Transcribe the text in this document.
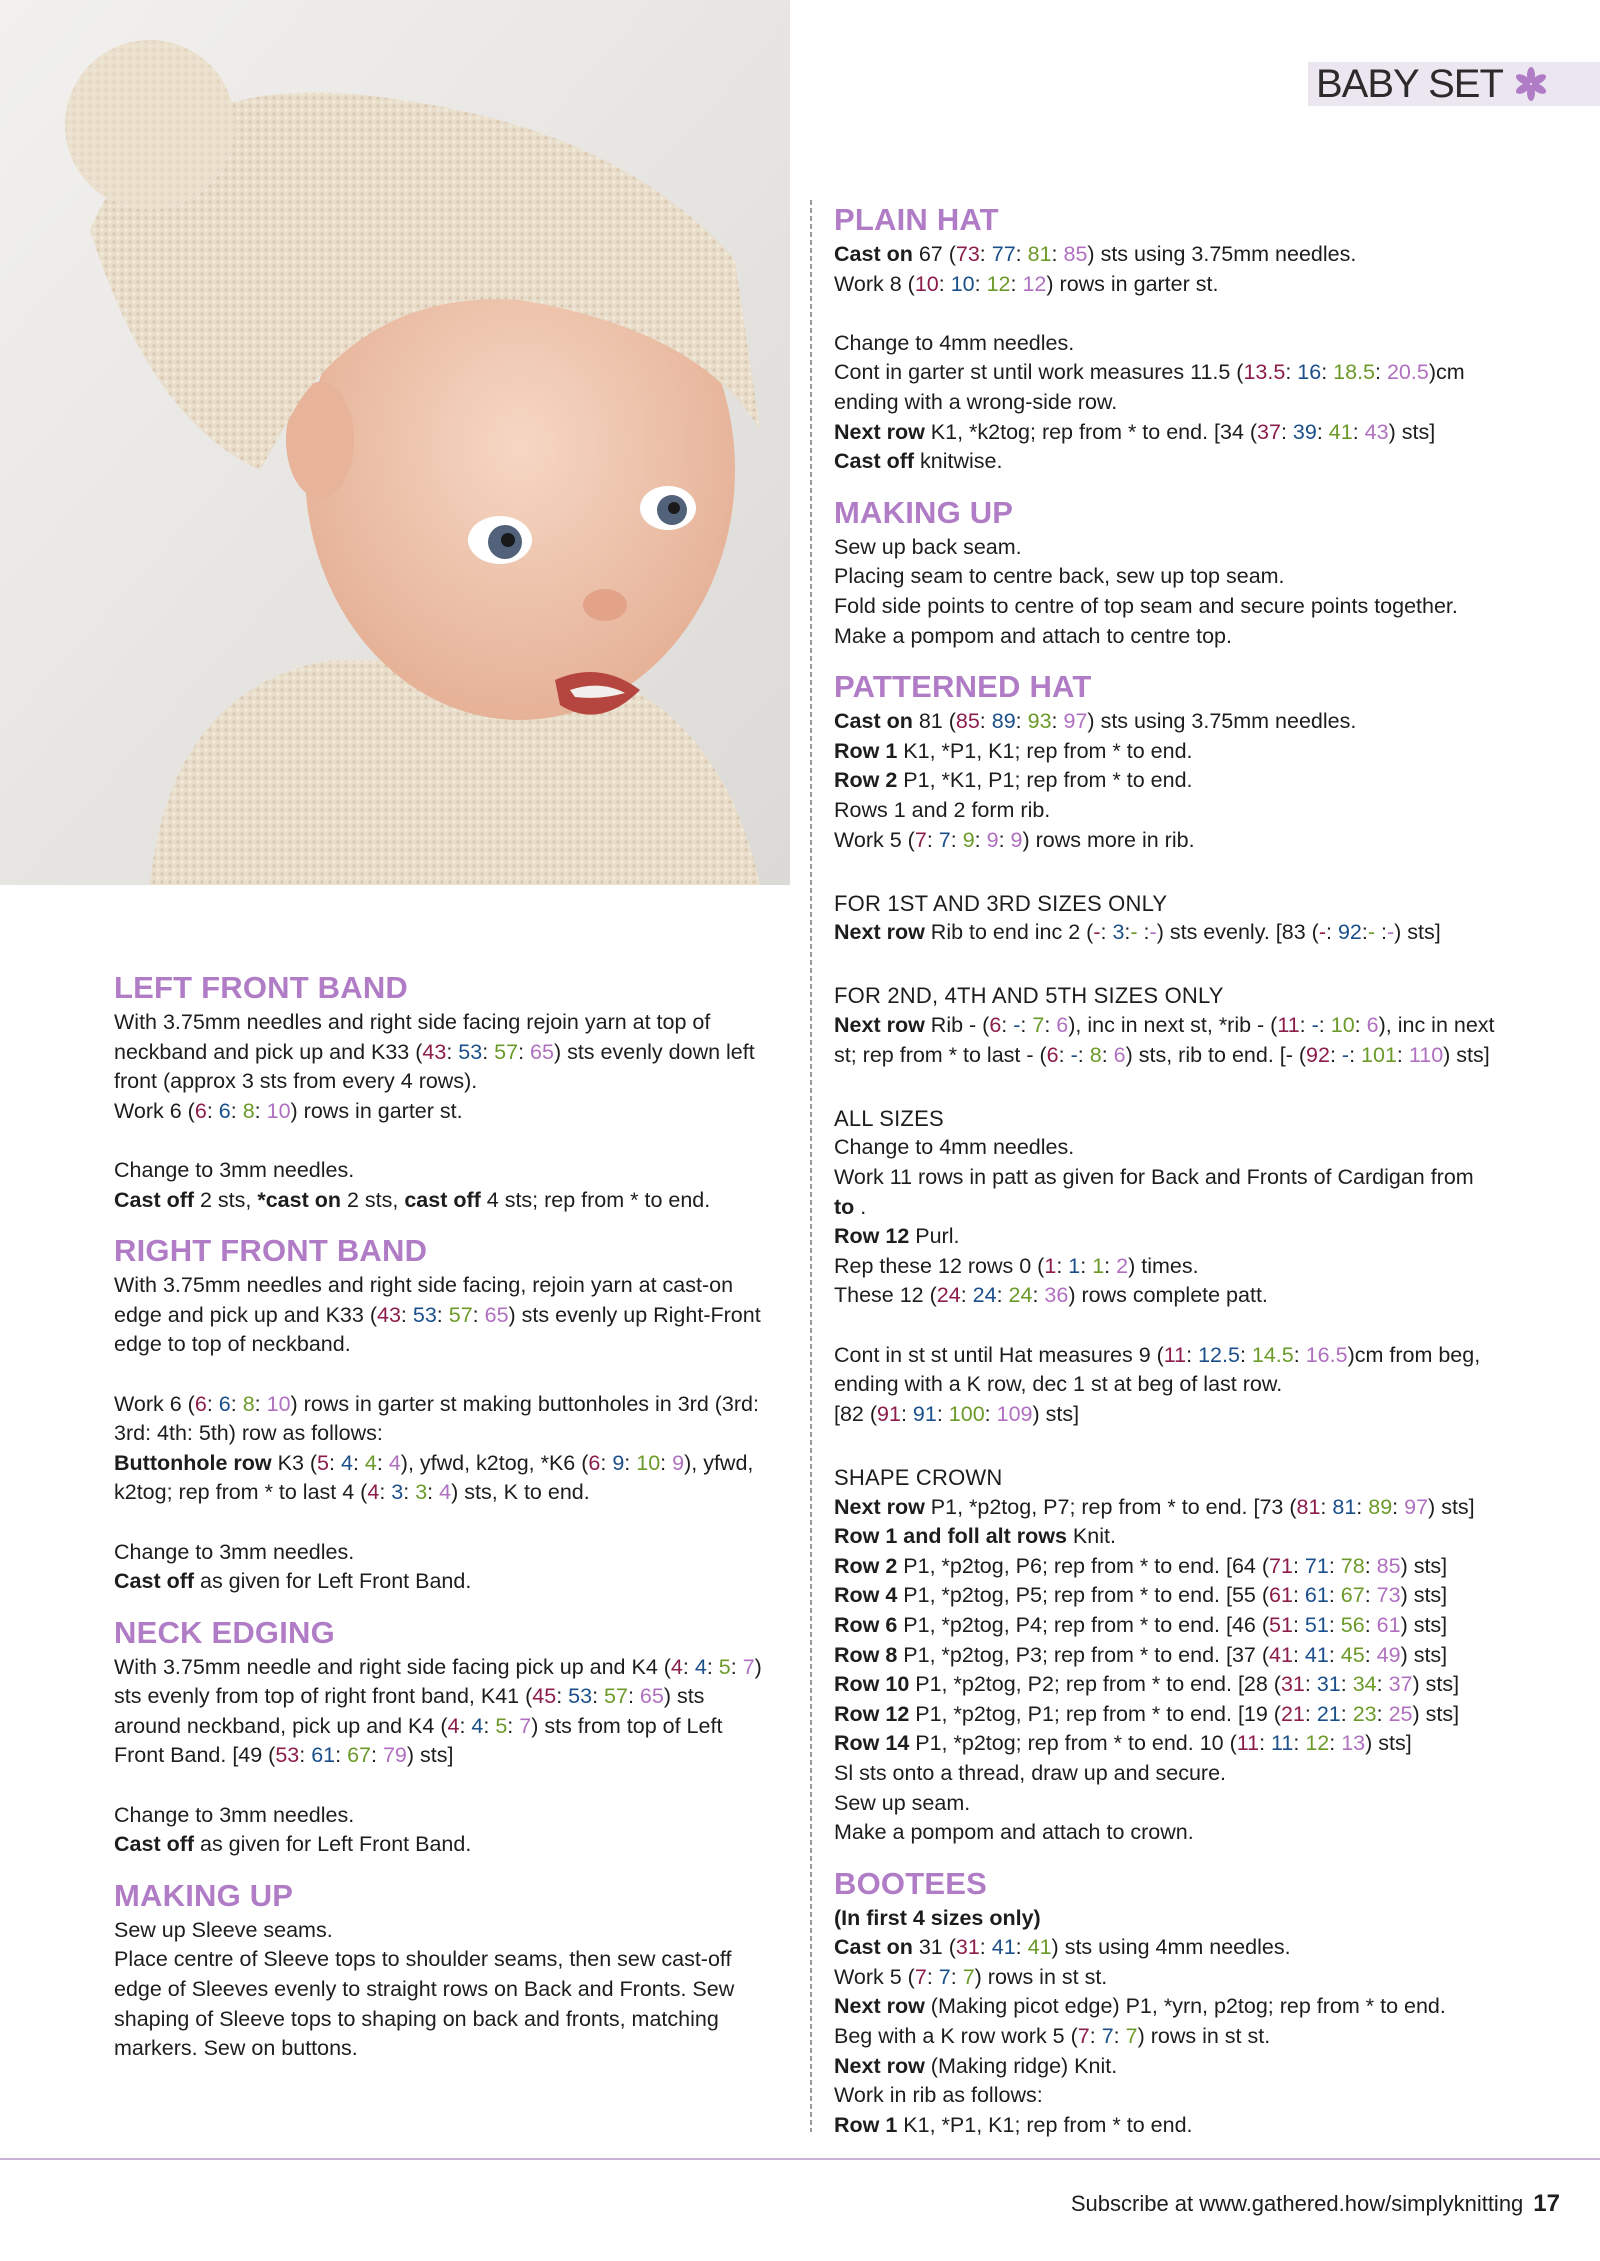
BABY SET
LEFT FRONT BAND
With 3.75mm needles and right side facing rejoin yarn at top of
neckband and pick up and K33 (43: 53: 57: 65) sts evenly down left
front (approx 3 sts from every 4 rows).
Work 6 (6: 6: 8: 10) rows in garter st.
Change to 3mm needles.
Cast off 2 sts, *cast on 2 sts, cast off 4 sts; rep from * to end.
RIGHT FRONT BAND
With 3.75mm needles and right side facing, rejoin yarn at cast-on
edge and pick up and K33 (43: 53: 57: 65) sts evenly up Right-Front
edge to top of neckband.
Work 6 (6: 6: 8: 10) rows in garter st making buttonholes in 3rd (3rd:
3rd: 4th: 5th) row as follows:
Buttonhole row K3 (5: 4: 4: 4), yfwd, k2tog, *K6 (6: 9: 10: 9), yfwd,
k2tog; rep from * to last 4 (4: 3: 3: 4) sts, K to end.
Change to 3mm needles.
Cast off as given for Left Front Band.
NECK EDGING
With 3.75mm needle and right side facing pick up and K4 (4: 4: 5: 7)
sts evenly from top of right front band, K41 (45: 53: 57: 65) sts
around neckband, pick up and K4 (4: 4: 5: 7) sts from top of Left
Front Band. [49 (53: 61: 67: 79) sts]
Change to 3mm needles.
Cast off as given for Left Front Band.
MAKING UP
Sew up Sleeve seams.
Place centre of Sleeve tops to shoulder seams, then sew cast-off
edge of Sleeves evenly to straight rows on Back and Fronts. Sew
shaping of Sleeve tops to shaping on back and fronts, matching
markers. Sew on buttons.
PLAIN HAT
Cast on 67 (73: 77: 81: 85) sts using 3.75mm needles.
Work 8 (10: 10: 12: 12) rows in garter st.
Change to 4mm needles.
Cont in garter st until work measures 11.5 (13.5: 16: 18.5: 20.5)cm
ending with a wrong-side row.
Next row K1, *k2tog; rep from * to end. [34 (37: 39: 41: 43) sts]
Cast off knitwise.
MAKING UP
Sew up back seam.
Placing seam to centre back, sew up top seam.
Fold side points to centre of top seam and secure points together.
Make a pompom and attach to centre top.
PATTERNED HAT
Cast on 81 (85: 89: 93: 97) sts using 3.75mm needles.
Row 1 K1, *P1, K1; rep from * to end.
Row 2 P1, *K1, P1; rep from * to end.
Rows 1 and 2 form rib.
Work 5 (7: 7: 9: 9: 9) rows more in rib.
FOR 1ST AND 3RD SIZES ONLY
Next row Rib to end inc 2 (-: 3:- :-) sts evenly. [83 (-: 92:- :-) sts]
FOR 2ND, 4TH AND 5TH SIZES ONLY
Next row Rib - (6: -: 7: 6), inc in next st, *rib - (11: -: 10: 6), inc in next
st; rep from * to last - (6: -: 8: 6) sts, rib to end. [- (92: -: 101: 110) sts]
ALL SIZES
Change to 4mm needles.
Work 11 rows in patt as given for Back and Fronts of Cardigan from
to .
Row 12 Purl.
Rep these 12 rows 0 (1: 1: 1: 2) times.
These 12 (24: 24: 24: 36) rows complete patt.
Cont in st st until Hat measures 9 (11: 12.5: 14.5: 16.5)cm from beg,
ending with a K row, dec 1 st at beg of last row.
[82 (91: 91: 100: 109) sts]
SHAPE CROWN
Next row P1, *p2tog, P7; rep from * to end. [73 (81: 81: 89: 97) sts]
Row 1 and foll alt rows Knit.
Row 2 P1, *p2tog, P6; rep from * to end. [64 (71: 71: 78: 85) sts]
Row 4 P1, *p2tog, P5; rep from * to end. [55 (61: 61: 67: 73) sts]
Row 6 P1, *p2tog, P4; rep from * to end. [46 (51: 51: 56: 61) sts]
Row 8 P1, *p2tog, P3; rep from * to end. [37 (41: 41: 45: 49) sts]
Row 10 P1, *p2tog, P2; rep from * to end. [28 (31: 31: 34: 37) sts]
Row 12 P1, *p2tog, P1; rep from * to end. [19 (21: 21: 23: 25) sts]
Row 14 P1, *p2tog; rep from * to end. 10 (11: 11: 12: 13) sts]
Sl sts onto a thread, draw up and secure.
Sew up seam.
Make a pompom and attach to crown.
BOOTEES
(In first 4 sizes only)
Cast on 31 (31: 41: 41) sts using 4mm needles.
Work 5 (7: 7: 7) rows in st st.
Next row (Making picot edge) P1, *yrn, p2tog; rep from * to end.
Beg with a K row work 5 (7: 7: 7) rows in st st.
Next row (Making ridge) Knit.
Work in rib as follows:
Row 1 K1, *P1, K1; rep from * to end.
Subscribe at www.gathered.how/simplyknitting 17
